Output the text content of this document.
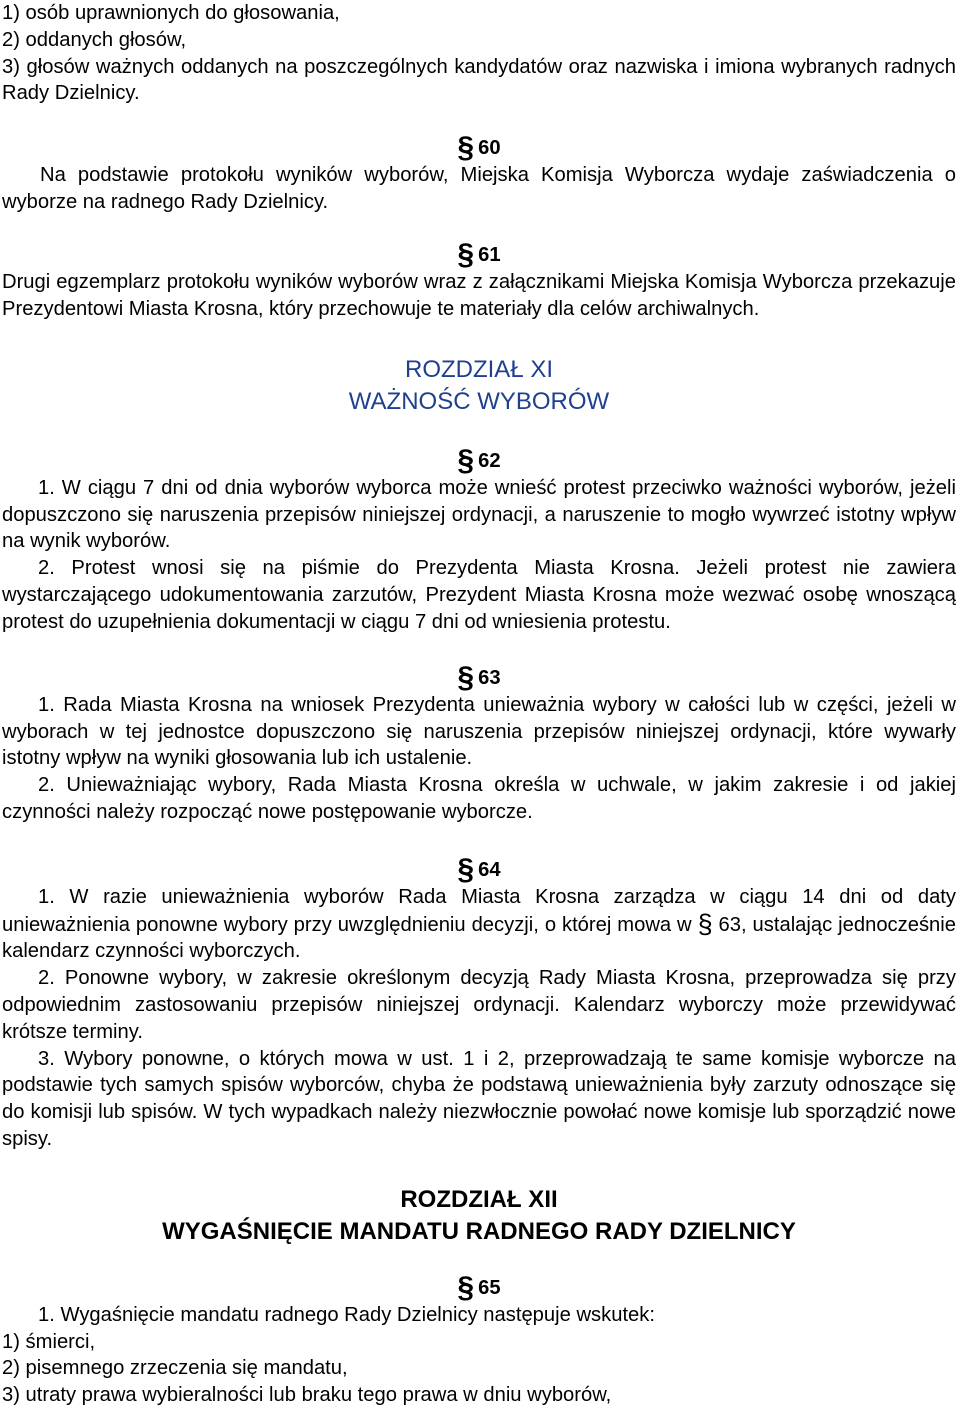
1) osób uprawnionych do głosowania,

2) oddanych głosów,

3) głosów ważnych oddanych na poszczególnych kandydatów oraz nazwiska i imiona wybranych radnych Rady Dzielnicy.

§ 60

Na podstawie protokołu wyników wyborów, Miejska Komisja Wyborcza wydaje zaświadczenia o wyborze na radnego Rady Dzielnicy.

§ 61

Drugi egzemplarz protokołu wyników wyborów wraz z załącznikami Miejska Komisja Wyborcza przekazuje Prezydentowi Miasta Krosna, który przechowuje te materiały dla celów archiwalnych.

ROZDZIAŁ XI

WAŻNOŚĆ WYBORÓW

§ 62

1. W ciągu 7 dni od dnia wyborów wyborca może wnieść protest przeciwko ważności wyborów, jeżeli dopuszczono się naruszenia przepisów niniejszej ordynacji, a naruszenie to mogło wywrzeć istotny wpływ na wynik wyborów.

2. Protest wnosi się na piśmie do Prezydenta Miasta Krosna. Jeżeli protest nie zawiera wystarczającego udokumentowania zarzutów, Prezydent Miasta Krosna może wezwać osobę wnoszącą protest do uzupełnienia dokumentacji w ciągu 7 dni od wniesienia protestu.

§ 63

1. Rada Miasta Krosna na wniosek Prezydenta unieważnia wybory w całości lub w części, jeżeli w wyborach w tej jednostce dopuszczono się naruszenia przepisów niniejszej ordynacji, które wywarły istotny wpływ na wyniki głosowania lub ich ustalenie.

2. Unieważniając wybory, Rada Miasta Krosna określa w uchwale, w jakim zakresie i od jakiej czynności należy rozpocząć nowe postępowanie wyborcze.

§ 64

1. W razie unieważnienia wyborów Rada Miasta Krosna zarządza w ciągu 14 dni od daty unieważnienia ponowne wybory przy uwzględnieniu decyzji, o której mowa w § 63, ustalając jednocześnie kalendarz czynności wyborczych.

2. Ponowne wybory, w zakresie określonym decyzją Rady Miasta Krosna, przeprowadza się przy odpowiednim zastosowaniu przepisów niniejszej ordynacji. Kalendarz wyborczy może przewidywać krótsze terminy.

3. Wybory ponowne, o których mowa w ust. 1 i 2, przeprowadzają te same komisje wyborcze na podstawie tych samych spisów wyborców, chyba że podstawą unieważnienia były zarzuty odnoszące się do komisji lub spisów. W tych wypadkach należy niezwłocznie powołać nowe komisje lub sporządzić nowe spisy.

ROZDZIAŁ XII

WYGAŚNIĘCIE MANDATU RADNEGO RADY DZIELNICY

§ 65

1. Wygaśnięcie mandatu radnego Rady Dzielnicy następuje wskutek:

1) śmierci,

2) pisemnego zrzeczenia się mandatu,

3) utraty prawa wybieralności lub braku tego prawa w dniu wyborów,
